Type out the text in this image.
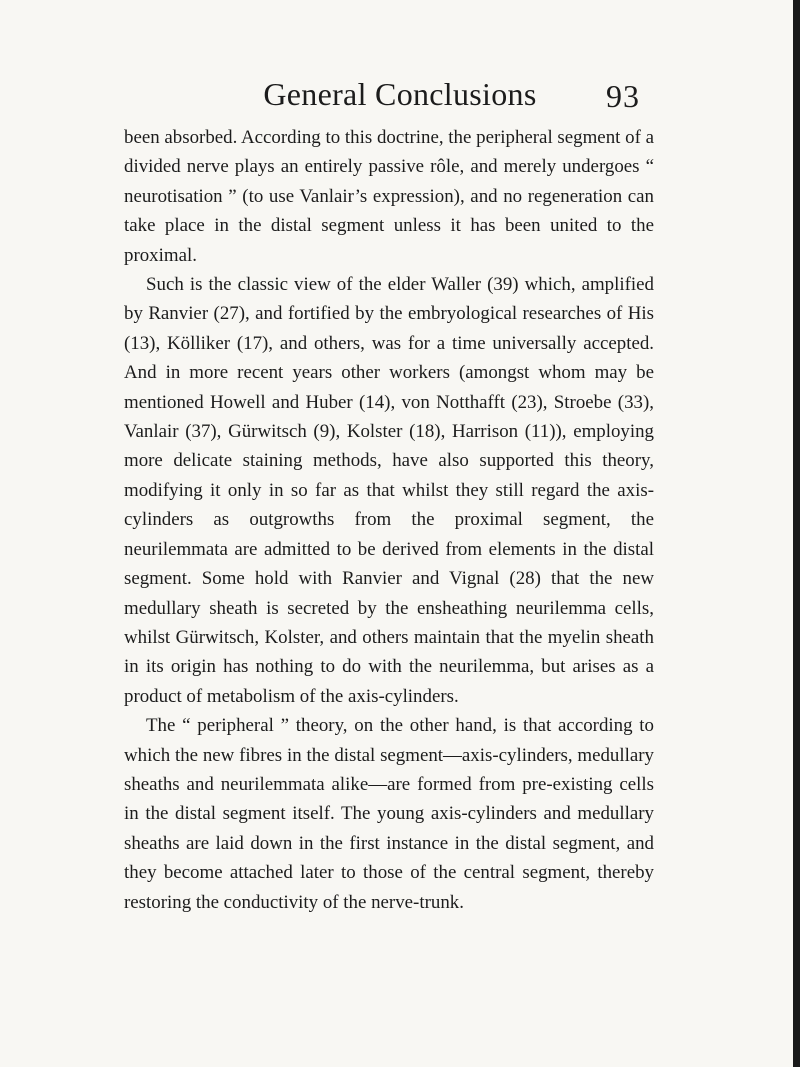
General Conclusions	93

been absorbed. According to this doctrine, the peripheral segment of a divided nerve plays an entirely passive rôle, and merely undergoes “ neurotisation ” (to use Vanlair’s expression), and no regeneration can take place in the distal segment unless it has been united to the proximal.

Such is the classic view of the elder Waller (39) which, amplified by Ranvier (27), and fortified by the embryological researches of His (13), Kölliker (17), and others, was for a time universally accepted. And in more recent years other workers (amongst whom may be mentioned Howell and Huber (14), von Notthafft (23), Stroebe (33), Vanlair (37), Gürwitsch (9), Kolster (18), Harrison (11)), employing more delicate staining methods, have also supported this theory, modifying it only in so far as that whilst they still regard the axis-cylinders as outgrowths from the proximal segment, the neurilemmata are admitted to be derived from elements in the distal segment. Some hold with Ranvier and Vignal (28) that the new medullary sheath is secreted by the ensheathing neurilemma cells, whilst Gürwitsch, Kolster, and others maintain that the myelin sheath in its origin has nothing to do with the neurilemma, but arises as a product of metabolism of the axis-cylinders.

The “ peripheral ” theory, on the other hand, is that according to which the new fibres in the distal segment—axis-cylinders, medullary sheaths and neurilemmata alike—are formed from pre-existing cells in the distal segment itself. The young axis-cylinders and medullary sheaths are laid down in the first instance in the distal segment, and they become attached later to those of the central segment, thereby restoring the conductivity of the nerve-trunk.
